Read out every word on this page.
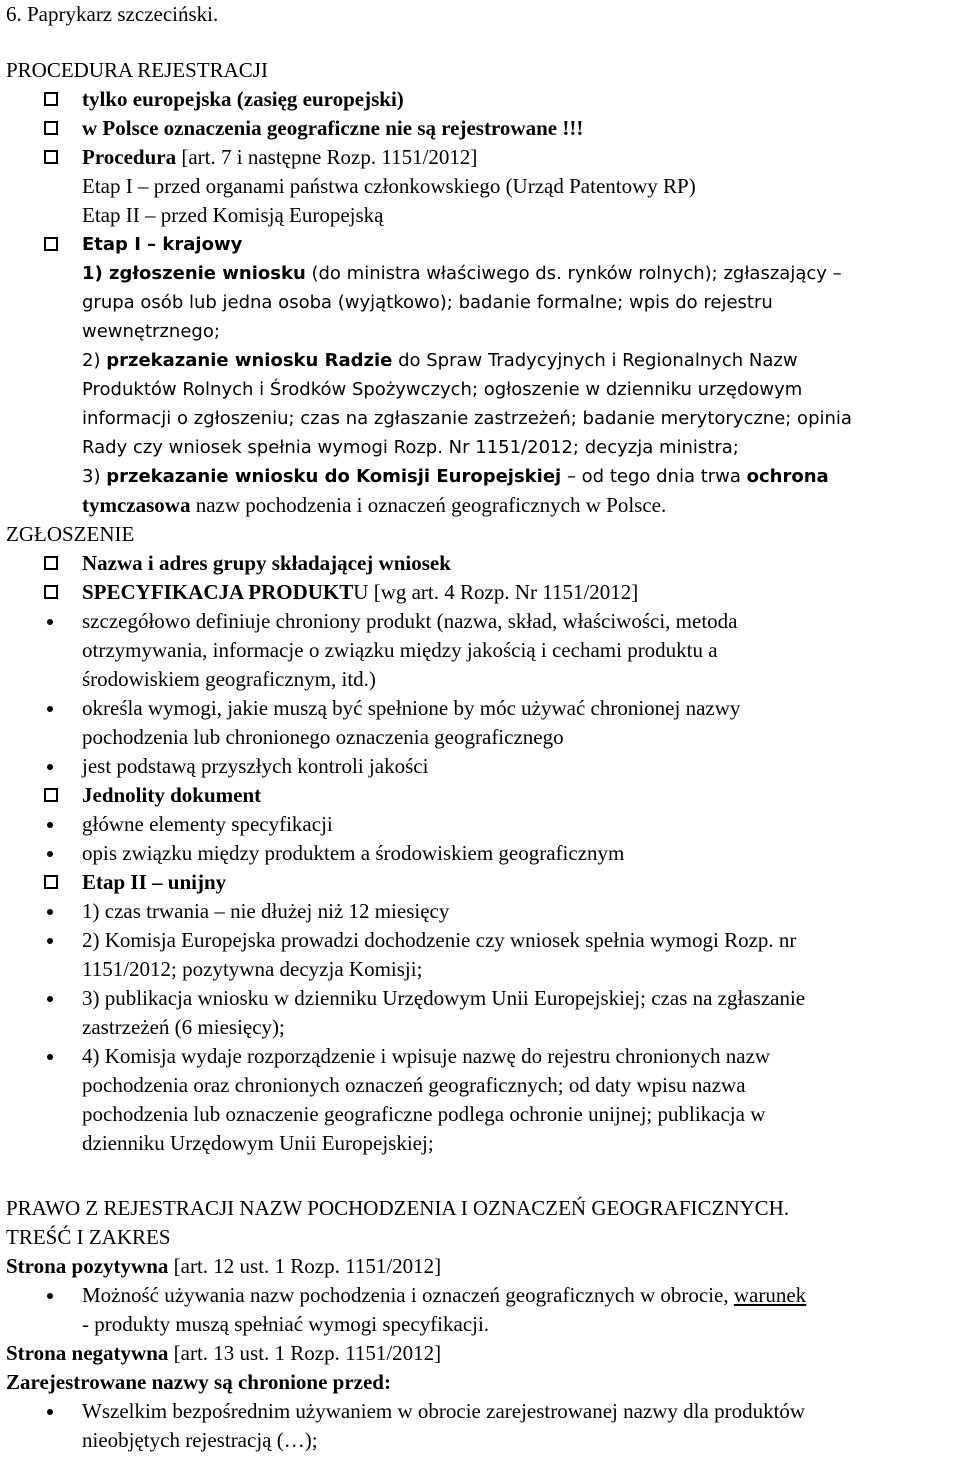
6. Paprykarz szczeciński.
PROCEDURA REJESTRACJI
tylko europejska (zasięg europejski)
w Polsce oznaczenia geograficzne nie są rejestrowane !!!
Procedura [art. 7 i następne Rozp. 1151/2012]
Etap I – przed organami państwa członkowskiego (Urząd Patentowy RP)
Etap II – przed Komisją Europejską
Etap I – krajowy
1) zgłoszenie wniosku (do ministra właściwego ds. rynków rolnych); zgłaszający –
grupa osób lub jedna osoba (wyjątkowo); badanie formalne; wpis do rejestru
wewnętrznego;
2) przekazanie wniosku Radzie do Spraw Tradycyjnych i Regionalnych Nazw
Produktów Rolnych i Środków Spożywczych; ogłoszenie w dzienniku urzędowym
informacji o zgłoszeniu; czas na zgłaszanie zastrzeżeń; badanie merytoryczne; opinia
Rady czy wniosek spełnia wymogi Rozp. Nr 1151/2012; decyzja ministra;
3) przekazanie wniosku do Komisji Europejskiej – od tego dnia trwa ochrona
tymczasowa nazw pochodzenia i oznaczeń geograficznych w Polsce.
ZGŁOSZENIE
Nazwa i adres grupy składającej wniosek
SPECYFIKACJA PRODUKTU [wg art. 4 Rozp. Nr 1151/2012]
szczegółowo definiuje chroniony produkt (nazwa, skład, właściwości, metoda
otrzymywania, informacje o związku między jakością i cechami produktu a
środowiskiem geograficznym, itd.)
określa wymogi, jakie muszą być spełnione by móc używać chronionej nazwy
pochodzenia lub chronionego oznaczenia geograficznego
jest podstawą przyszłych kontroli jakości
Jednolity dokument
główne elementy specyfikacji
opis związku między produktem a środowiskiem geograficznym
Etap II – unijny
1) czas trwania – nie dłużej niż 12 miesięcy
2) Komisja Europejska prowadzi dochodzenie czy wniosek spełnia wymogi Rozp. nr
1151/2012; pozytywna decyzja Komisji;
3) publikacja wniosku w dzienniku Urzędowym Unii Europejskiej; czas na zgłaszanie
zastrzeżeń (6 miesięcy);
4) Komisja wydaje rozporządzenie i wpisuje nazwę do rejestru chronionych nazw
pochodzenia oraz chronionych oznaczeń geograficznych; od daty wpisu nazwa
pochodzenia lub oznaczenie geograficzne podlega ochronie unijnej; publikacja w
dzienniku Urzędowym Unii Europejskiej;
PRAWO Z REJESTRACJI NAZW POCHODZENIA I OZNACZEŃ GEOGRAFICZNYCH.
TREŚĆ I ZAKRES
Strona pozytywna [art. 12 ust. 1 Rozp. 1151/2012]
Możność używania nazw pochodzenia i oznaczeń geograficznych w obrocie, warunek
- produkty muszą spełniać wymogi specyfikacji.
Strona negatywna [art. 13 ust. 1 Rozp. 1151/2012]
Zarejestrowane nazwy są chronione przed:
Wszelkim bezpośrednim używaniem w obrocie zarejestrowanej nazwy dla produktów
nieobjętych rejestracją (…);
